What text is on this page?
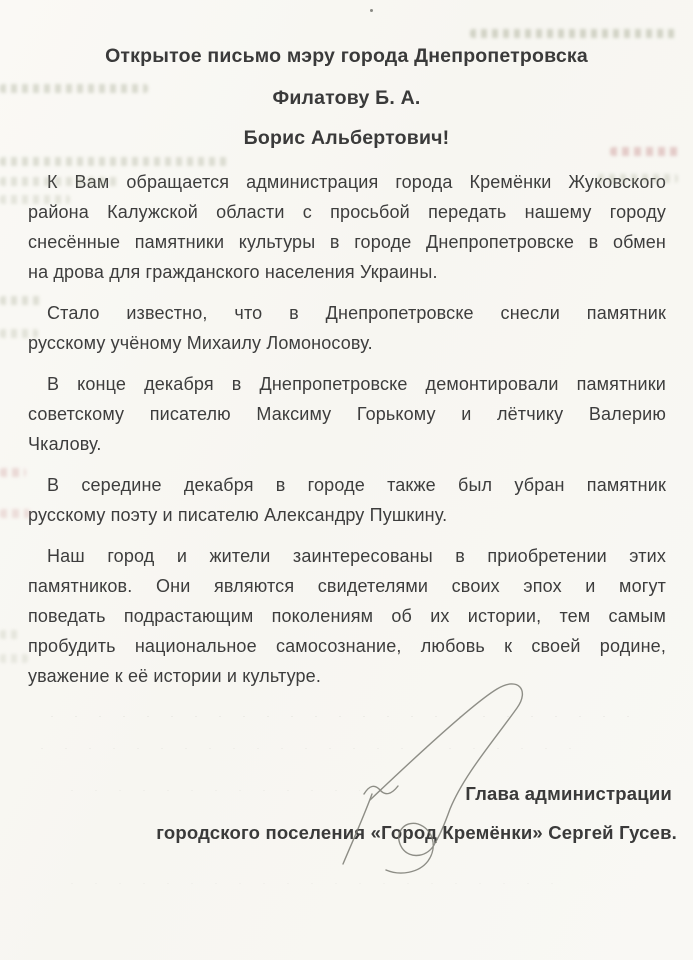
Открытое письмо мэру города Днепропетровска
Филатову Б. А.
Борис Альбертович!
К Вам обращается администрация города Кремёнки Жуковского
района Калужской области с просьбой передать нашему городу
снесённые памятники культуры в городе Днепропетровске в обмен
на дрова для гражданского населения Украины.
Стало известно, что в Днепропетровске снесли памятник
русскому учёному Михаилу Ломоносову.
В конце декабря в Днепропетровске демонтировали памятники
советскому писателю Максиму Горькому и лётчику Валерию
Чкалову.
В середине декабря в городе также был убран памятник
русскому поэту и писателю Александру Пушкину.
Наш город и жители заинтересованы в приобретении этих
памятников. Они являются свидетелями своих эпох и могут
поведать подрастающим поколениям об их истории, тем самым
пробудить национальное самосознание, любовь к своей родине,
уважение к её истории и культуре.
Глава администрации
городского поселения «Город Кремёнки» Сергей Гусев.
